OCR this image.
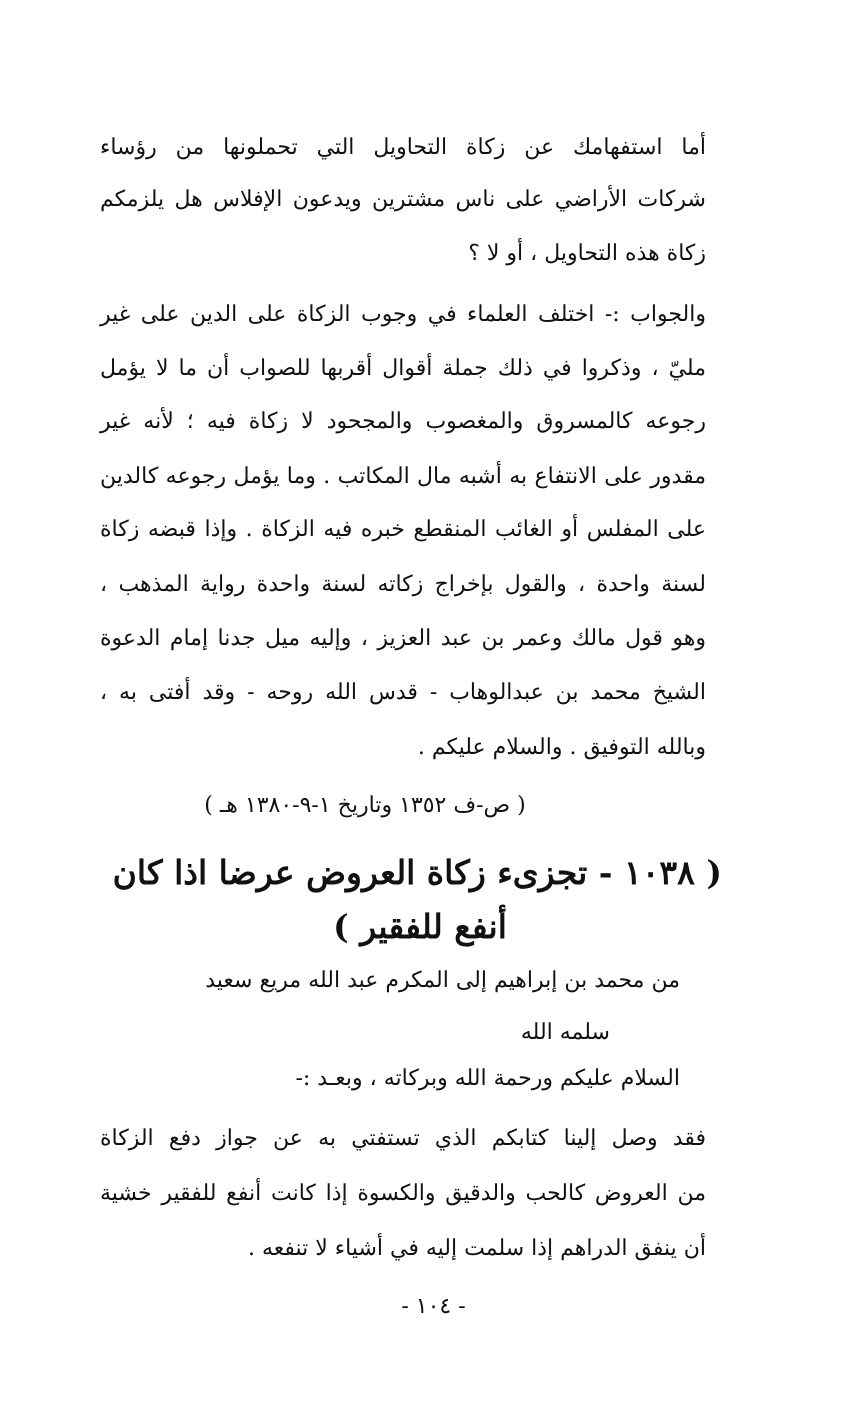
أما استفهامك عن زكاة التحاويل التي تحملونها من رؤساء
شركات الأراضي على ناس مشترين ويدعون الإفلاس هل يلزمكم
زكاة هذه التحاويل ، أو لا ؟
والجواب :- اختلف العلماء في وجوب الزكاة على الدين على غير
مليّ ، وذكروا في ذلك جملة أقوال أقربها للصواب أن ما لا يؤمل
رجوعه كالمسروق والمغصوب والمجحود لا زكاة فيه ؛ لأنه غير
مقدور على الانتفاع به أشبه مال المكاتب . وما يؤمل رجوعه كالدين
على المفلس أو الغائب المنقطع خبره فيه الزكاة . وإذا قبضه زكاة
لسنة واحدة ، والقول بإخراج زكاته لسنة واحدة رواية المذهب ،
وهو قول مالك وعمر بن عبد العزيز ، وإليه ميل جدنا إمام الدعوة
الشيخ محمد بن عبدالوهاب - قدس الله روحه - وقد أفتى به ،
وبالله التوفيق . والسلام عليكم .
( ص-ف ١٣٥٢ وتاريخ ١-٩-١٣٨٠ هـ )
( ١٠٣٨ - تجزىء زكاة العروض عرضا اذا كان
أنفع للفقير )
من محمد بن إبراهيم إلى المكرم عبد الله مريع سعيد
سلمه الله
السلام عليكم ورحمة الله وبركاته ، وبعـد :-
فقد وصل إلينا كتابكم الذي تستفتي به عن جواز دفع الزكاة
من العروض كالحب والدقيق والكسوة إذا كانت أنفع للفقير خشية
أن ينفق الدراهم إذا سلمت إليه في أشياء لا تنفعه .
- ١٠٤ -
